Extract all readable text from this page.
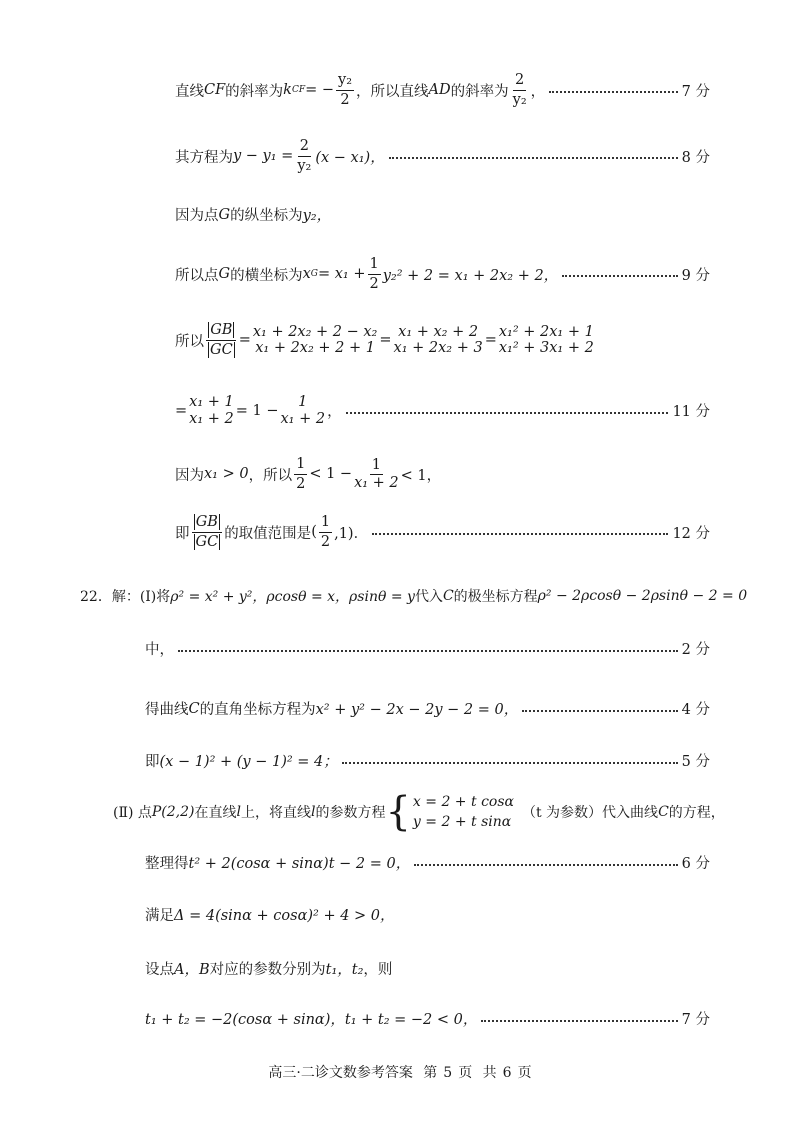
直线 CF 的斜率为 k CF = − $\frac{\text{y₂}}{2}$ ，所以直线 AD 的斜率为
2
y₂ ，	7 分
其方程为 $y - y_1 = \frac{2}{\text{y₂}} (x - x_1)$，	8 分
因为点 G 的纵坐标为 y₂，
所以点 G 的横坐标为 x $G = x_1 + \frac{1}{2} y_2^2 + 2 = x_1 + 2x_2 + 2$，	9 分
所以 $\frac{GB}{GC}$ =
x₁ + 2x₂ + 2 − x₂
x₁ + 2x₂ + 2 + 1 =
x₁ + x₂ + 2
x₁ + 2x₂ + 3 =
x₁² + 2x₁ + 1
x₁² + 3x₁ + 2
=
x₁ + 1
x₁ + 2 = 1 −
1
x₁ + 2 ，	11 分
因为 x₁ > 0 ，所以
1
2
< $1 - \frac{1}{\text{x₁ + 2}} < 1$，
即
GB
GC 的取值范围是 (
1
2 ,1)．	12 分
22．解：(Ⅰ)将 ρ² = x² + y²，ρcosθ = x，ρsinθ = y 代入 C 的极坐标方程 ρ² − 2ρcosθ − 2ρsinθ − 2 = 0
中，	2 分
得曲线 C 的直角坐标方程为 x² + y² − 2x − 2y − 2 = 0，	4 分
即 (x − 1)² + (y − 1)² = 4；	5 分
(Ⅱ) 点 P(2,2) 在直线 l 上，将直线 l 的参数方程 { x = 2 + t cosα
y = 2 + t sinα
（t 为参数）代入曲线 C 的方程，
整理得 t² + 2(cosα + sinα)t − 2 = 0，	6 分
满足 Δ = 4(sinα + cosα)² + 4 > 0，
设点 A，B 对应的参数分别为 t₁，t₂ ，则
t₁ + t₂ = −2(cosα + sinα)，t₁ + t₂ = −2 < 0，	7 分
高三·二诊文数参考答案 第 5 页 共 6 页
